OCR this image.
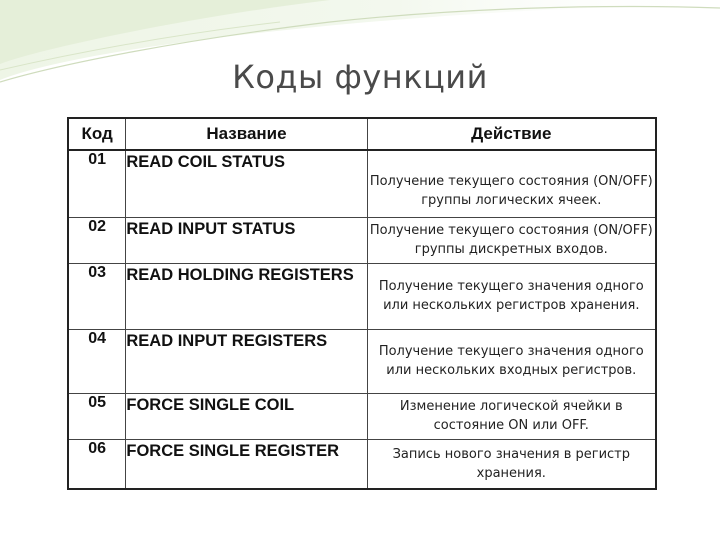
Коды функций
Код	Название	Действие
01	READ COIL STATUS	Получение текущего состояния (ON/OFF) группы логических ячеек.
02	READ INPUT STATUS	Получение текущего состояния (ON/OFF) группы дискретных входов.
03	READ HOLDING REGISTERS	Получение текущего значения одного или нескольких регистров хранения.
04	READ INPUT REGISTERS	Получение текущего значения одного или нескольких входных регистров.
05	FORCE SINGLE COIL	Изменение логической ячейки в состояние ON или OFF.
06	FORCE SINGLE REGISTER	Запись нового значения в регистр хранения.
